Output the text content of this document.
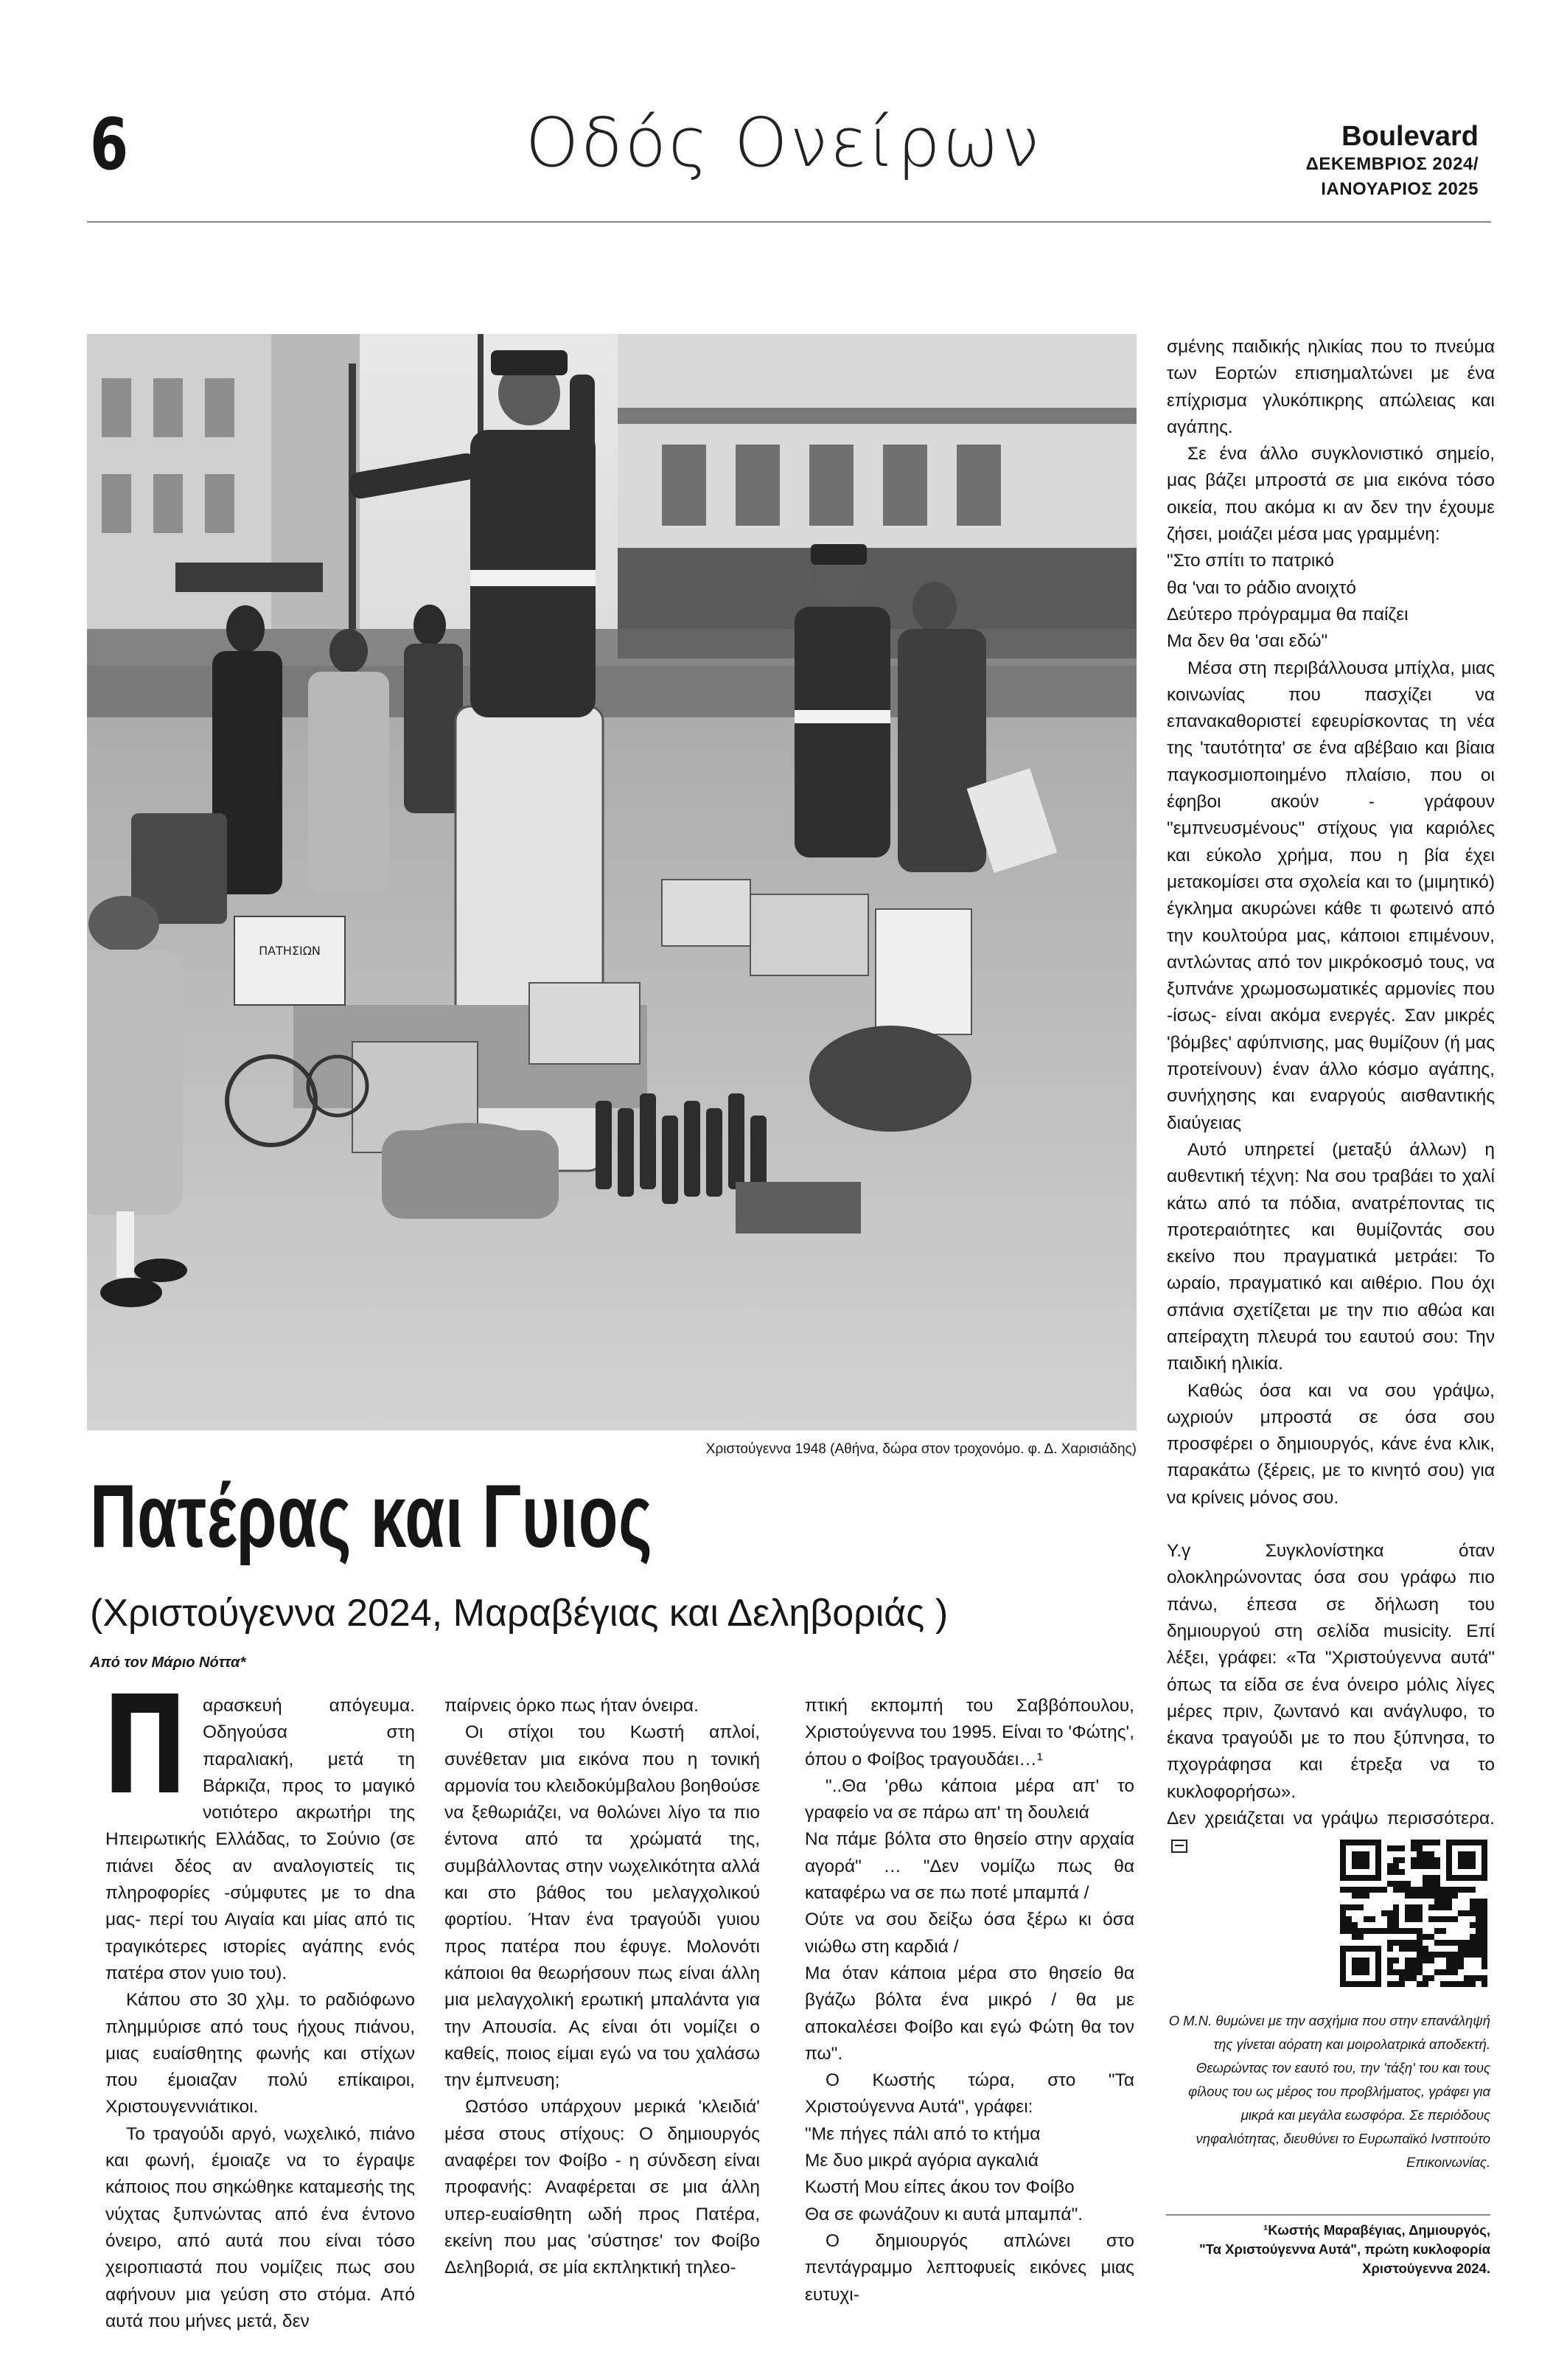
6	Οδός Ονείρων	Boulevard
ΔΕΚΕΜΒΡΙΟΣ 2024/
ΙΑΝΟΥΑΡΙΟΣ 2025
ΠΑΤΗΣΙΩΝ
Χριστούγεννα 1948 (Αθήνα, δώρα στον τροχονόμο. φ. Δ. Χαρισιάδης)
Πατέρας και Γυιος
(Χριστούγεννα 2024, Μαραβέγιας και Δεληβοριάς )
Από τον Μάριο Νόττα*

Παρασκευή απόγευμα. Οδηγούσα στη παραλιακή, μετά τη Βάρκιζα, προς το μαγικό νοτιότερο ακρωτήρι της Ηπειρωτικής Ελλάδας, το Σούνιο (σε πιάνει δέος αν αναλογιστείς τις πληροφορίες -σύμφυτες με το dna μας- περί του Αιγαία και μίας από τις τραγικότερες ιστορίες αγάπης ενός πατέρα στον γυιο του).

Κάπου στο 30 χλμ. το ραδιόφωνο πλημμύρισε από τους ήχους πιάνου, μιας ευαίσθητης φωνής και στίχων που έμοιαζαν πολύ επίκαιροι, Χριστουγεννιάτικοι.

Το τραγούδι αργό, νωχελικό, πιάνο και φωνή, έμοιαζε να το έγραψε κάποιος που σηκώθηκε καταμεσής της νύχτας ξυπνώντας από ένα έντονο όνειρο, από αυτά που είναι τόσο χειροπιαστά που νομίζεις πως σου αφήνουν μια γεύση στο στόμα. Από αυτά που μήνες μετά, δεν

παίρνεις όρκο πως ήταν όνειρα.

Οι στίχοι του Κωστή απλοί, συνέθεταν μια εικόνα που η τονική αρμονία του κλειδοκύμβαλου βοηθούσε να ξεθωριάζει, να θολώνει λίγο τα πιο έντονα από τα χρώματά της, συμβάλλοντας στην νωχελικότητα αλλά και στο βάθος του μελαγχολικού φορτίου. Ήταν ένα τραγούδι γυιου προς πατέρα που έφυγε. Μολονότι κάποιοι θα θεωρήσουν πως είναι άλλη μια μελαγχολική ερωτική μπαλάντα για την Απουσία. Ας είναι ότι νομίζει ο καθείς, ποιος είμαι εγώ να του χαλάσω την έμπνευση;

Ωστόσο υπάρχουν μερικά 'κλειδιά' μέσα στους στίχους: Ο δημιουργός αναφέρει τον Φοίβο - η σύνδεση είναι προφανής: Αναφέρεται σε μια άλλη υπερ-ευαίσθητη ωδή προς Πατέρα, εκείνη που μας 'σύστησε' τον Φοίβο Δεληβοριά, σε μία εκπληκτική τηλεο-

πτική εκπομπή του Σαββόπουλου, Χριστούγεννα του 1995. Είναι το 'Φώτης', όπου ο Φοίβος τραγουδάει…¹

"..Θα 'ρθω κάποια μέρα απ' το γραφείο να σε πάρω απ' τη δουλειά

Να πάμε βόλτα στο θησείο στην αρχαία αγορά" … "Δεν νομίζω πως θα καταφέρω να σε πω ποτέ μπαμπά /

Ούτε να σου δείξω όσα ξέρω κι όσα νιώθω στη καρδιά /

Μα όταν κάποια μέρα στο θησείο θα βγάζω βόλτα ένα μικρό / θα με αποκαλέσει Φοίβο και εγώ Φώτη θα τον πω".

Ο Κωστής τώρα, στο "Τα Χριστούγεννα Αυτά", γράφει:

"Με πήγες πάλι από το κτήμα

Με δυο μικρά αγόρια αγκαλιά

Κωστή Μου είπες άκου τον Φοίβο

Θα σε φωνάζουν κι αυτά μπαμπά".

Ο δημιουργός απλώνει στο πεντάγραμμο λεπτοφυείς εικόνες μιας ευτυχι-

σμένης παιδικής ηλικίας που το πνεύμα των Εορτών επισημαλτώνει με ένα επίχρισμα γλυκόπικρης απώλειας και αγάπης.

Σε ένα άλλο συγκλονιστικό σημείο, μας βάζει μπροστά σε μια εικόνα τόσο οικεία, που ακόμα κι αν δεν την έχουμε ζήσει, μοιάζει μέσα μας γραμμένη:

"Στο σπίτι το πατρικό

θα 'ναι το ράδιο ανοιχτό

Δεύτερο πρόγραμμα θα παίζει

Μα δεν θα 'σαι εδώ"

Μέσα στη περιβάλλουσα μπίχλα, μιας κοινωνίας που πασχίζει να επανακαθοριστεί εφευρίσκοντας τη νέα της 'ταυτότητα' σε ένα αβέβαιο και βίαια παγκοσμιοποιημένο πλαίσιο, που οι έφηβοι ακούν - γράφουν "εμπνευσμένους" στίχους για καριόλες και εύκολο χρήμα, που η βία έχει μετακομίσει στα σχολεία και το (μιμητικό) έγκλημα ακυρώνει κάθε τι φωτεινό από την κουλτούρα μας, κάποιοι επιμένουν, αντλώντας από τον μικρόκοσμό τους, να ξυπνάνε χρωμοσωματικές αρμονίες που -ίσως- είναι ακόμα ενεργές. Σαν μικρές 'βόμβες' αφύπνισης, μας θυμίζουν (ή μας προτείνουν) έναν άλλο κόσμο αγάπης, συνήχησης και εναργούς αισθαντικής διαύγειας

Αυτό υπηρετεί (μεταξύ άλλων) η αυθεντική τέχνη: Να σου τραβάει το χαλί κάτω από τα πόδια, ανατρέποντας τις προτεραιότητες και θυμίζοντάς σου εκείνο που πραγματικά μετράει: Το ωραίο, πραγματικό και αιθέριο. Που όχι σπάνια σχετίζεται με την πιο αθώα και απείραχτη πλευρά του εαυτού σου: Την παιδική ηλικία.

Καθώς όσα και να σου γράψω, ωχριούν μπροστά σε όσα σου προσφέρει ο δημιουργός, κάνε ένα κλικ, παρακάτω (ξέρεις, με το κινητό σου) για να κρίνεις μόνος σου.

Υ.γ Συγκλονίστηκα όταν ολοκληρώνοντας όσα σου γράφω πιο πάνω, έπεσα σε δήλωση του δημιουργού στη σελίδα musicity. Επί λέξει, γράφει: «Τα "Χριστούγεννα αυτά" όπως τα είδα σε ένα όνειρο μόλις λίγες μέρες πριν, ζωντανό και ανάγλυφο, το έκανα τραγούδι με το που ξύπνησα, το πχογράφησα και έτρεξα να το κυκλοφορήσω».

Δεν χρειάζεται να γράψω περισσότερα.

Ο Μ.Ν. θυμώνει με την ασχήμια που στην επανάληψή της γίνεται αόρατη και μοιρολατρικά αποδεκτή. Θεωρώντας τον εαυτό του, την 'τάξη' του και τους φίλους του ως μέρος του προβλήματος, γράφει για μικρά και μεγάλα εωσφόρα. Σε περιόδους νηφαλιότητας, διευθύνει το Ευρωπαϊκό Ινστιτούτο Επικοινωνίας.
¹Κωστής Μαραβέγιας, Δημιουργός,
"Τα Χριστούγεννα Αυτά", πρώτη κυκλοφορία
Χριστούγεννα 2024.
